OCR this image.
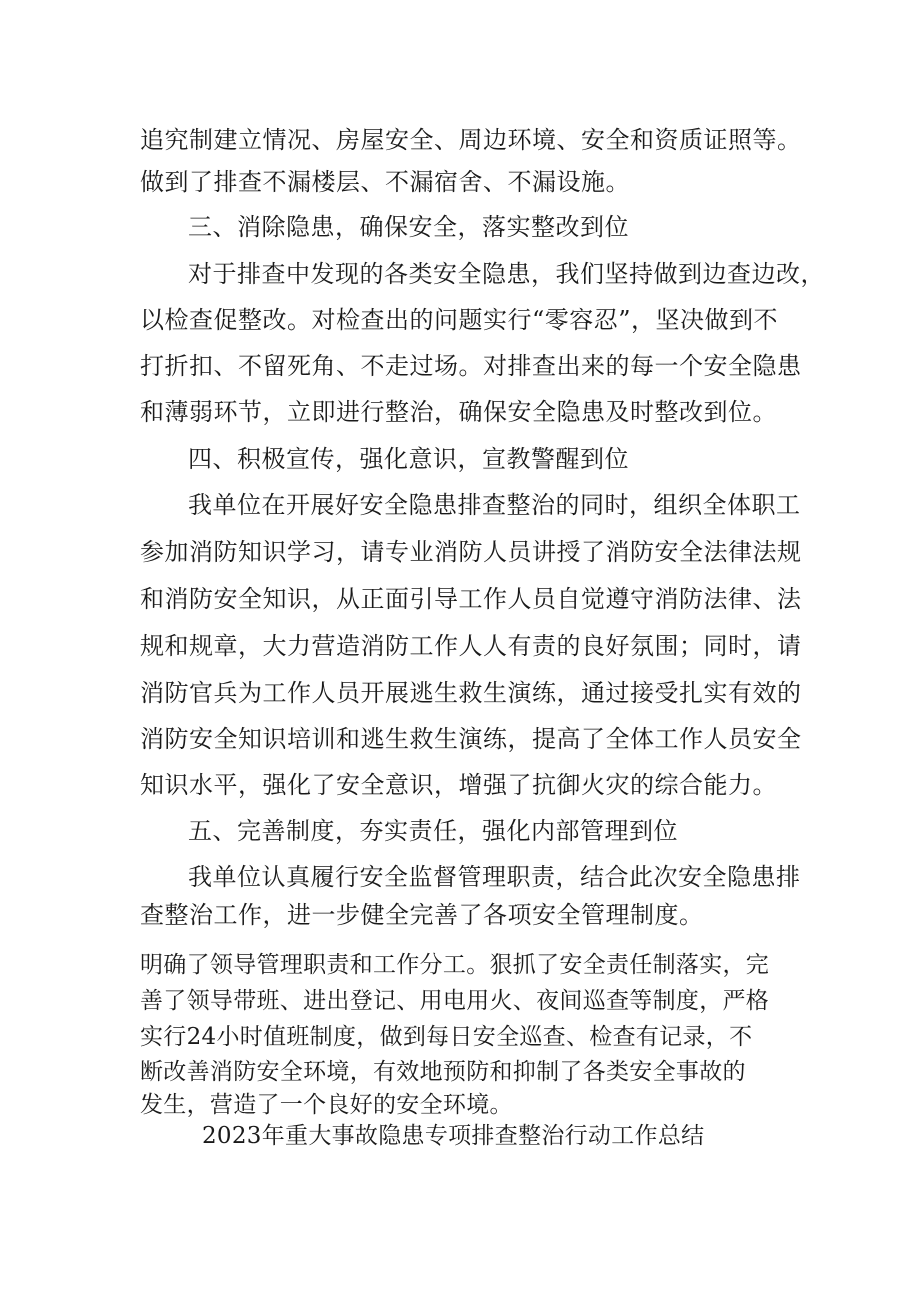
追究制建立情况、房屋安全、周边环境、安全和资质证照等。

做到了排查不漏楼层、不漏宿舍、不漏设施。

三、消除隐患，确保安全，落实整改到位

对于排查中发现的各类安全隐患，我们坚持做到边查边改，

以检查促整改。对检查出的问题实行“零容忍”，坚决做到不

打折扣、不留死角、不走过场。对排查出来的每一个安全隐患

和薄弱环节，立即进行整治，确保安全隐患及时整改到位。

四、积极宣传，强化意识，宣教警醒到位

我单位在开展好安全隐患排查整治的同时，组织全体职工

参加消防知识学习，请专业消防人员讲授了消防安全法律法规

和消防安全知识，从正面引导工作人员自觉遵守消防法律、法

规和规章，大力营造消防工作人人有责的良好氛围；同时，请

消防官兵为工作人员开展逃生救生演练，通过接受扎实有效的

消防安全知识培训和逃生救生演练，提高了全体工作人员安全

知识水平，强化了安全意识，增强了抗御火灾的综合能力。

五、完善制度，夯实责任，强化内部管理到位

我单位认真履行安全监督管理职责，结合此次安全隐患排

查整治工作，进一步健全完善了各项安全管理制度。

明确了领导管理职责和工作分工。狠抓了安全责任制落实，完

善了领导带班、进出登记、用电用火、夜间巡查等制度，严格

实行24小时值班制度，做到每日安全巡查、检查有记录，不

断改善消防安全环境，有效地预防和抑制了各类安全事故的

发生，营造了一个良好的安全环境。

2023年重大事故隐患专项排查整治行动工作总结
